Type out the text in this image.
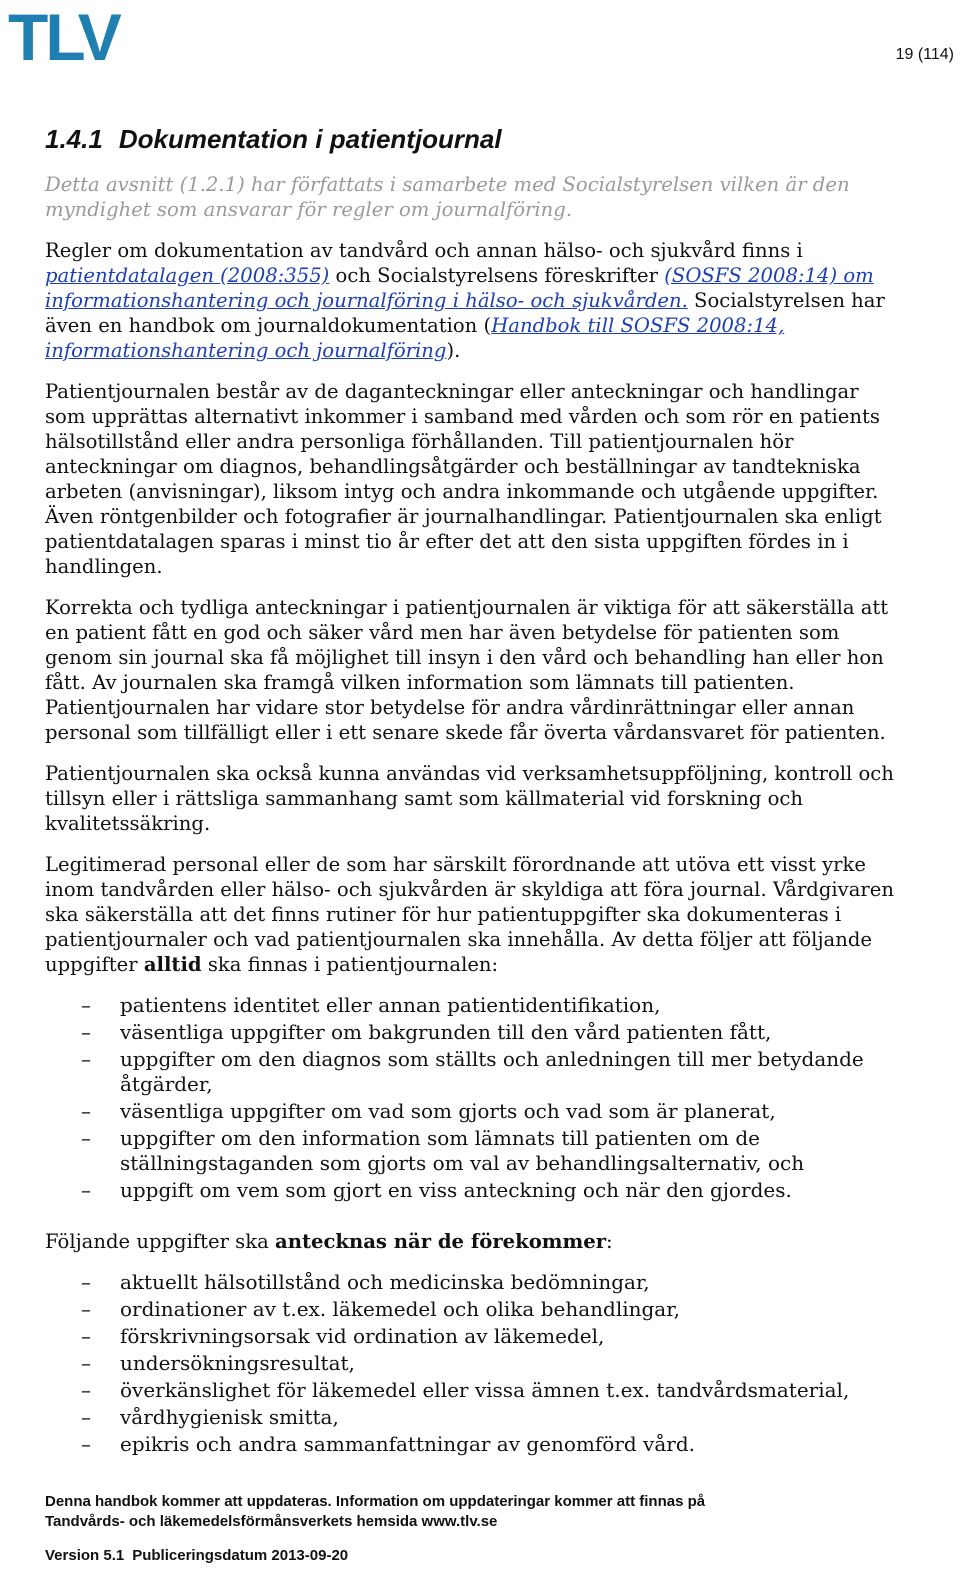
TLV	19 (114)
1.4.1 Dokumentation i patientjournal

Detta avsnitt (1.2.1) har författats i samarbete med Socialstyrelsen vilken är den myndighet som ansvarar för regler om journalföring.

Regler om dokumentation av tandvård och annan hälso- och sjukvård finns i patientdatalagen (2008:355) och Socialstyrelsens föreskrifter (SOSFS 2008:14) om informationshantering och journalföring i hälso- och sjukvården. Socialstyrelsen har även en handbok om journaldokumentation (Handbok till SOSFS 2008:14, informationshantering och journalföring).

Patientjournalen består av de daganteckningar eller anteckningar och handlingar som upprättas alternativt inkommer i samband med vården och som rör en patients hälsotillstånd eller andra personliga förhållanden. Till patientjournalen hör anteckningar om diagnos, behandlingsåtgärder och beställningar av tandtekniska arbeten (anvisningar), liksom intyg och andra inkommande och utgående uppgifter. Även röntgenbilder och fotografier är journalhandlingar. Patientjournalen ska enligt patientdatalagen sparas i minst tio år efter det att den sista uppgiften fördes in i handlingen.

Korrekta och tydliga anteckningar i patientjournalen är viktiga för att säkerställa att en patient fått en god och säker vård men har även betydelse för patienten som genom sin journal ska få möjlighet till insyn i den vård och behandling han eller hon fått. Av journalen ska framgå vilken information som lämnats till patienten. Patientjournalen har vidare stor betydelse för andra vårdinrättningar eller annan personal som tillfälligt eller i ett senare skede får överta vårdansvaret för patienten.

Patientjournalen ska också kunna användas vid verksamhetsuppföljning, kontroll och tillsyn eller i rättsliga sammanhang samt som källmaterial vid forskning och kvalitetssäkring.

Legitimerad personal eller de som har särskilt förordnande att utöva ett visst yrke inom tandvården eller hälso- och sjukvården är skyldiga att föra journal. Vårdgivaren ska säkerställa att det finns rutiner för hur patientuppgifter ska dokumenteras i patientjournaler och vad patientjournalen ska innehålla. Av detta följer att följande uppgifter alltid ska finnas i patientjournalen:

– patientens identitet eller annan patientidentifikation,
– väsentliga uppgifter om bakgrunden till den vård patienten fått,
– uppgifter om den diagnos som ställts och anledningen till mer betydande åtgärder,
– väsentliga uppgifter om vad som gjorts och vad som är planerat,
– uppgifter om den information som lämnats till patienten om de ställningstaganden som gjorts om val av behandlingsalternativ, och
– uppgift om vem som gjort en viss anteckning och när den gjordes.

Följande uppgifter ska antecknas när de förekommer:

– aktuellt hälsotillstånd och medicinska bedömningar,
– ordinationer av t.ex. läkemedel och olika behandlingar,
– förskrivningsorsak vid ordination av läkemedel,
– undersökningsresultat,
– överkänslighet för läkemedel eller vissa ämnen t.ex. tandvårdsmaterial,
– vårdhygienisk smitta,
– epikris och andra sammanfattningar av genomförd vård.
Denna handbok kommer att uppdateras. Information om uppdateringar kommer att finnas på
Tandvårds- och läkemedelsförmånsverkets hemsida www.tlv.se
Version 5.1 Publiceringsdatum 2013-09-20
